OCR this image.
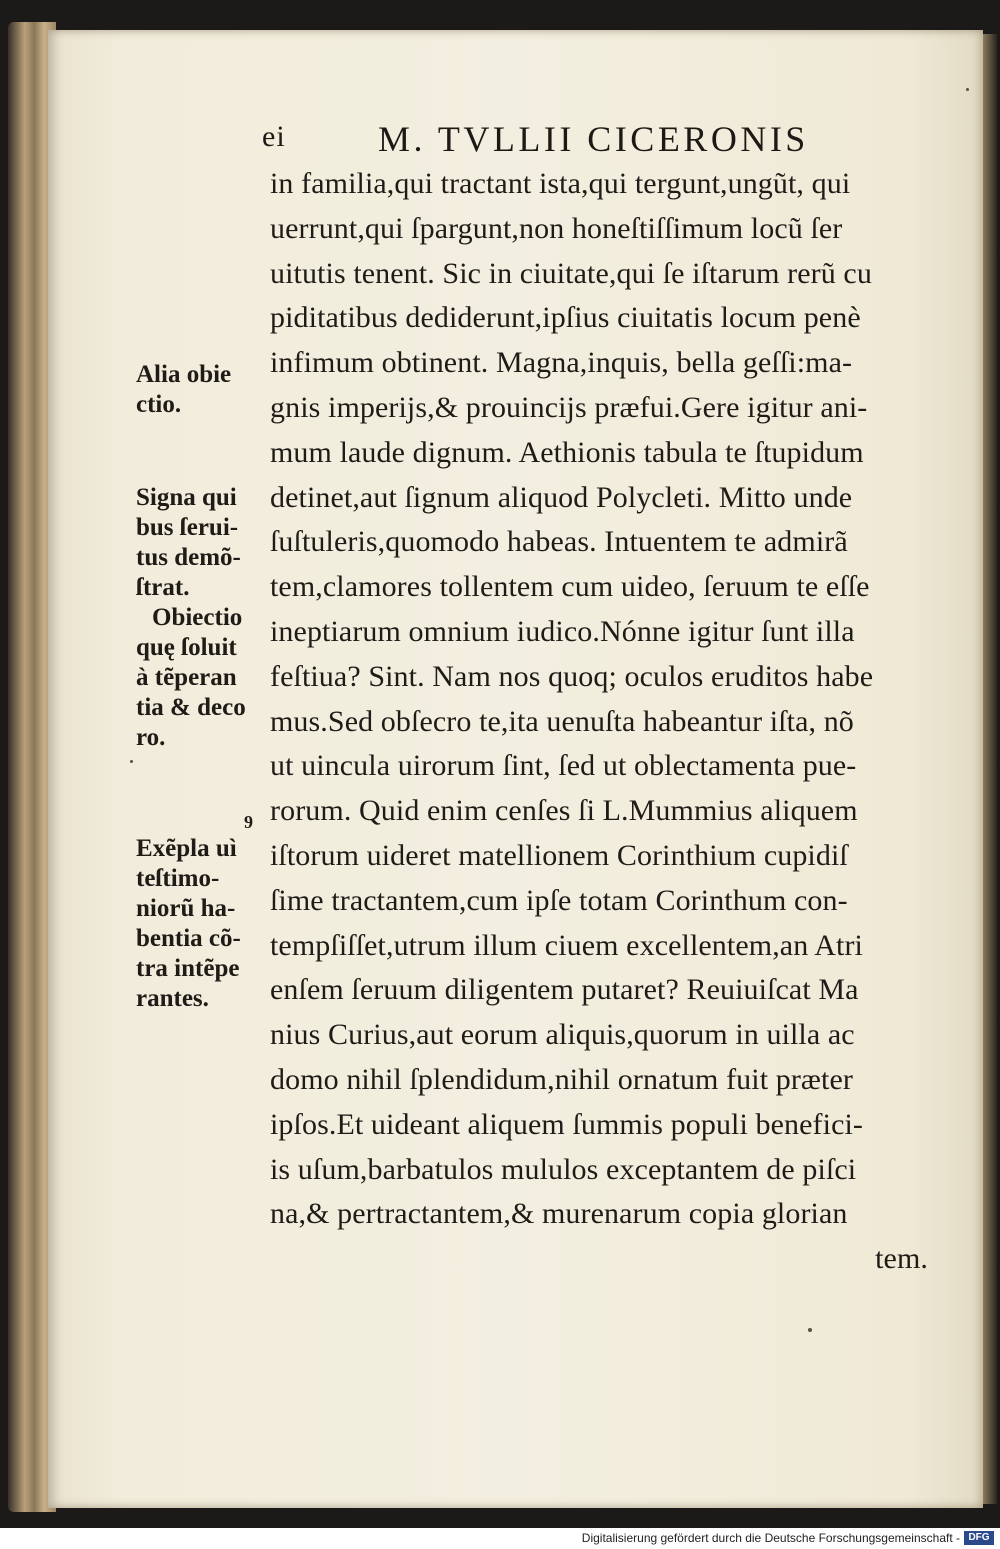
ei	M. TVLLII CICERONIS
Alia obie
ctio.
Signa qui
bus ſerui-
tus demõ-
ſtrat.
Obiectio
quę ſoluit
à tẽperan
tia & deco
ro.
9
Exẽpla uì
teſtimo-
niorũ ha-
bentia cõ-
tra intẽpe
rantes.
in familia,qui tractant ista,qui tergunt,ungũt, qui
uerrunt,qui ſpargunt,non honeſtiſſimum locũ ſer
uitutis tenent. Sic in ciuitate,qui ſe iſtarum rerũ cu
piditatibus dediderunt,ipſius ciuitatis locum penè
infimum obtinent. Magna,inquis, bella geſſi:ma-
gnis imperijs,& prouincijs præfui.Gere igitur ani-
mum laude dignum. Aethionis tabula te ſtupidum
detinet,aut ſignum aliquod Polycleti. Mitto unde
ſuſtuleris,quomodo habeas. Intuentem te admirã
tem,clamores tollentem cum uideo, ſeruum te eſſe
ineptiarum omnium iudico.Nónne igitur ſunt illa
feſtiua? Sint. Nam nos quoq; oculos eruditos habe
mus.Sed obſecro te,ita uenuſta habeantur iſta, nõ
ut uincula uirorum ſint, ſed ut oblectamenta pue-
rorum. Quid enim cenſes ſi L.Mummius aliquem
iſtorum uideret matellionem Corinthium cupidiſ
ſime tractantem,cum ipſe totam Corinthum con-
tempſiſſet,utrum illum ciuem excellentem,an Atri
enſem ſeruum diligentem putaret? Reuiuiſcat Ma
nius Curius,aut eorum aliquis,quorum in uilla ac
domo nihil ſplendidum,nihil ornatum fuit præter
ipſos.Et uideant aliquem ſummis populi benefici-
is uſum,barbatulos mululos exceptantem de piſci
na,& pertractantem,& murenarum copia glorian
tem.
Digitalisierung gefördert durch die Deutsche Forschungsgemeinschaft - DFG
